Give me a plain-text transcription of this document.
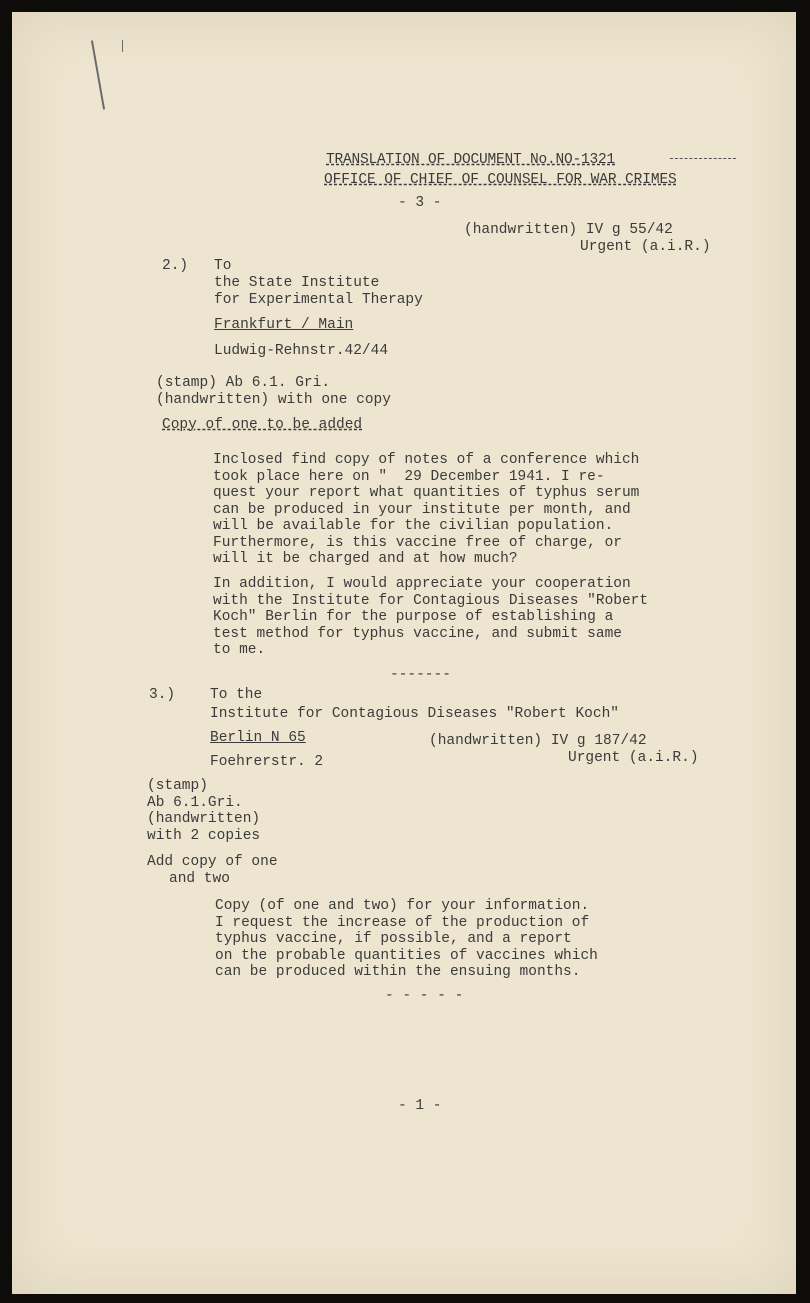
TRANSLATION OF DOCUMENT No.NO-1321
OFFICE OF CHIEF OF COUNSEL FOR WAR CRIMES
- 3 -
(handwritten) IV g 55/42
Urgent (a.i.R.)
2.) To
the State Institute
for Experimental Therapy
Frankfurt / Main
Ludwig-Rehnstr.42/44
(stamp) Ab 6.1. Gri.
(handwritten) with one copy
Copy of one to be added
Inclosed find copy of notes of a conference which
took place here on "  29 December 1941. I re-
quest your report what quantities of typhus serum
can be produced in your institute per month, and
will be available for the civilian population.
Furthermore, is this vaccine free of charge, or
will it be charged and at how much?
In addition, I would appreciate your cooperation
with the Institute for Contagious Diseases "Robert
Koch" Berlin for the purpose of establishing a
test method for typhus vaccine, and submit same
to me.
-------
3.) To the
Institute for Contagious Diseases "Robert Koch"
Berlin N 65	(handwritten) IV g 187/42
Urgent (a.i.R.)
Foehrerstr. 2
(stamp)
Ab 6.1.Gri.
(handwritten)
with 2 copies
Add copy of one
and two
Copy (of one and two) for your information.
I request the increase of the production of
typhus vaccine, if possible, and a report
on the probable quantities of vaccines which
can be produced within the ensuing months.
- - - - -
- 1 -
